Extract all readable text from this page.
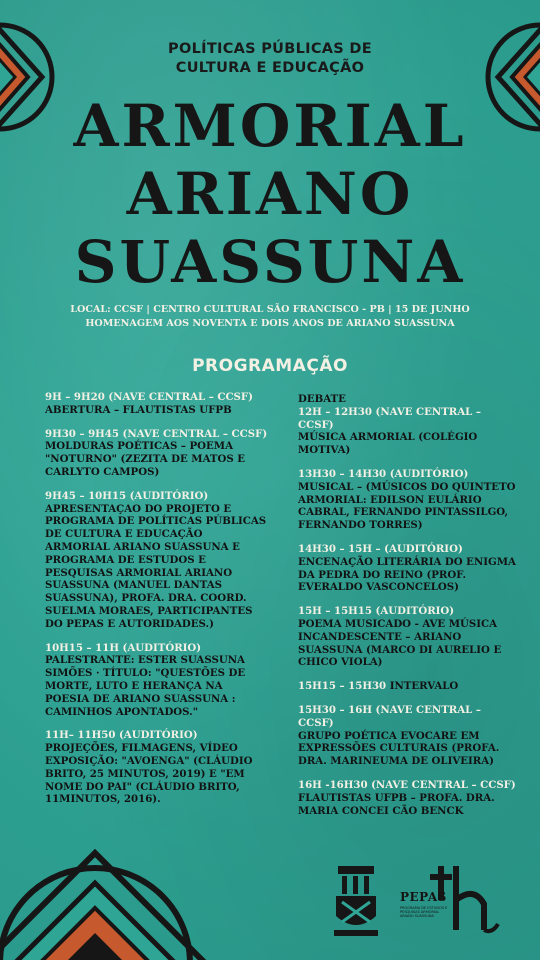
POLÍTICAS PÚBLICAS DE
CULTURA E EDUCAÇÃO
ARMORIAL
ARIANO
SUASSUNA
LOCAL: CCSF | CENTRO CULTURAL SÃO FRANCISCO - PB | 15 DE JUNHO
HOMENAGEM AOS NOVENTA E DOIS ANOS DE ARIANO SUASSUNA
PROGRAMAÇÃO
9H – 9H20 (NAVE CENTRAL – CCSF)
ABERTURA – FLAUTISTAS UFPB
9H30 – 9H45 (NAVE CENTRAL – CCSF)
MOLDURAS POÉTICAS – POEMA "NOTURNO" (ZEZITA DE MATOS E CARLYTO CAMPOS)
9H45 – 10H15 (AUDITÓRIO)
APRESENTAÇAO DO PROJETO E PROGRAMA DE POLÍTICAS PÚBLICAS DE CULTURA E EDUCAÇÃO ARMORIAL ARIANO SUASSUNA E PROGRAMA DE ESTUDOS E PESQUISAS ARMORIAL ARIANO SUASSUNA (MANUEL DANTAS SUASSUNA), PROFA. DRA. COORD. SUELMA MORAES, PARTICIPANTES DO PEPAS E AUTORIDADES.)
10H15 – 11H (AUDITÓRIO)
PALESTRANTE: ESTER SUASSUNA SIMÕES · TÍTULO: "QUESTÕES DE MORTE, LUTO E HERANÇA NA POESIA DE ARIANO SUASSUNA : CAMINHOS APONTADOS."
11H– 11H50 (AUDITÓRIO)
PROJEÇÕES, FILMAGENS, VÍDEO EXPOSIÇÃO: "AVOENGA" (CLÁUDIO BRITO, 25 MINUTOS, 2019) E "EM NOME DO PAI" (CLÁUDIO BRITO, 11MINUTOS, 2016).
DEBATE
12H – 12H30 (NAVE CENTRAL – CCSF)
MÚSICA ARMORIAL (COLÉGIO MOTIVA)
13H30 – 14H30 (AUDITÓRIO)
MUSICAL – (MÚSICOS DO QUINTETO ARMORIAL: EDILSON EULÁRIO CABRAL, FERNANDO PINTASSILGO, FERNANDO TORRES)
14H30 – 15H – (AUDITÓRIO)
ENCENAÇÃO LITERÁRIA DO ENIGMA DA PEDRA DO REINO (PROF. EVERALDO VASCONCELOS)
15H – 15H15 (AUDITÓRIO)
POEMA MUSICADO - AVE MÚSICA INCANDESCENTE – ARIANO SUASSUNA (MARCO DI AURELIO E CHICO VIOLA)
15H15 – 15H30 INTERVALO
15H30 – 16H (NAVE CENTRAL – CCSF)
GRUPO POÉTICA EVOCARE EM EXPRESSÕES CULTURAIS (PROFA. DRA. MARINEUMA DE OLIVEIRA)
16H -16H30 (NAVE CENTRAL – CCSF)
FLAUTISTAS UFPB – PROFA. DRA. MARIA CONCEI CÃO BENCK
PEPAS
PROGRAMA DE ESTUDOS E PESQUISAS ARMORIAL ARIANO SUASSUNA
